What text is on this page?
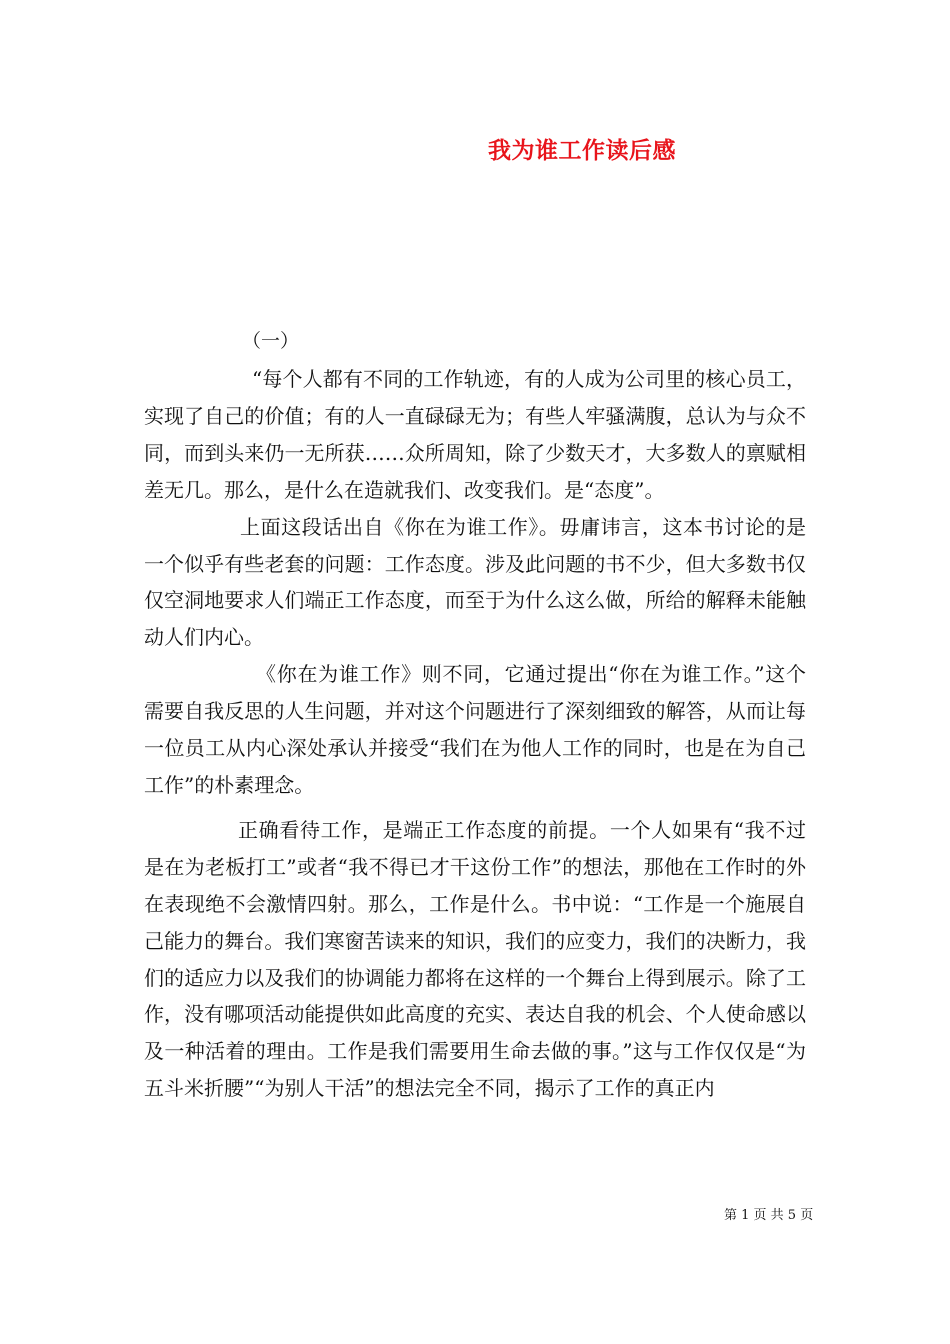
我为谁工作读后感
（一）

“每个人都有不同的工作轨迹，有的人成为公司里的核心员工，实现了自己的价值；有的人一直碌碌无为；有些人牢骚满腹，总认为与众不同，而到头来仍一无所获……众所周知，除了少数天才，大多数人的禀赋相差无几。那么，是什么在造就我们、改变我们。是“态度”。

上面这段话出自《你在为谁工作》。毋庸讳言，这本书讨论的是一个似乎有些老套的问题：工作态度。涉及此问题的书不少，但大多数书仅仅空洞地要求人们端正工作态度，而至于为什么这么做，所给的解释未能触动人们内心。

《你在为谁工作》则不同，它通过提出“你在为谁工作。”这个需要自我反思的人生问题，并对这个问题进行了深刻细致的解答，从而让每一位员工从内心深处承认并接受“我们在为他人工作的同时，也是在为自己工作”的朴素理念。

正确看待工作，是端正工作态度的前提。一个人如果有“我不过是在为老板打工”或者“我不得已才干这份工作”的想法，那他在工作时的外在表现绝不会激情四射。那么，工作是什么。书中说：“工作是一个施展自己能力的舞台。我们寒窗苦读来的知识，我们的应变力，我们的决断力，我们的适应力以及我们的协调能力都将在这样的一个舞台上得到展示。除了工作，没有哪项活动能提供如此高度的充实、表达自我的机会、个人使命感以及一种活着的理由。工作是我们需要用生命去做的事。”这与工作仅仅是“为五斗米折腰”“为别人干活”的想法完全不同，揭示了工作的真正内

第 1 页 共 5 页
